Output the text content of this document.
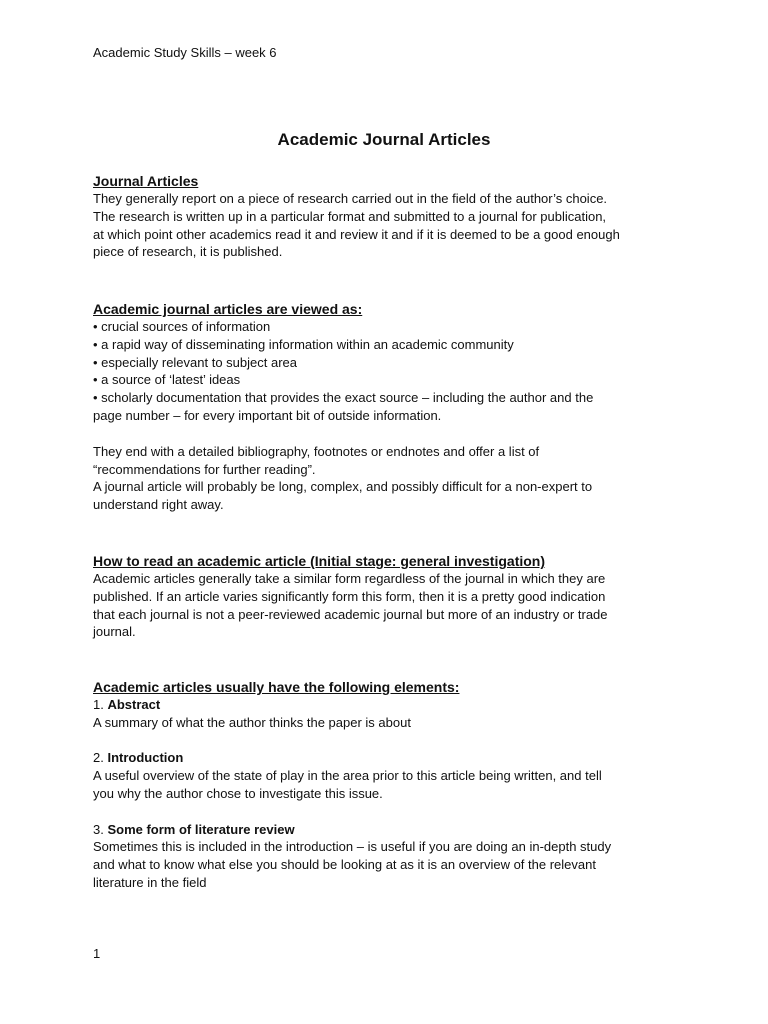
Academic Study Skills – week 6
Academic Journal Articles
Journal Articles

They generally report on a piece of research carried out in the field of the author’s choice.
The research is written up in a particular format and submitted to a journal for publication,
at which point other academics read it and review it and if it is deemed to be a good enough
piece of research, it is published.

Academic journal articles are viewed as:
• crucial sources of information
• a rapid way of disseminating information within an academic community
• especially relevant to subject area
• a source of ‘latest’ ideas
• scholarly documentation that provides the exact source – including the author and the
page number – for every important bit of outside information.

They end with a detailed bibliography, footnotes or endnotes and offer a list of
“recommendations for further reading”.
A journal article will probably be long, complex, and possibly difficult for a non-expert to
understand right away.

How to read an academic article (Initial stage: general investigation)

Academic articles generally take a similar form regardless of the journal in which they are
published. If an article varies significantly form this form, then it is a pretty good indication
that each journal is not a peer-reviewed academic journal but more of an industry or trade
journal.

Academic articles usually have the following elements:
1. Abstract
A summary of what the author thinks the paper is about
2. Introduction
A useful overview of the state of play in the area prior to this article being written, and tell
you why the author chose to investigate this issue.
3. Some form of literature review
Sometimes this is included in the introduction – is useful if you are doing an in-depth study
and what to know what else you should be looking at as it is an overview of the relevant
literature in the field
1
